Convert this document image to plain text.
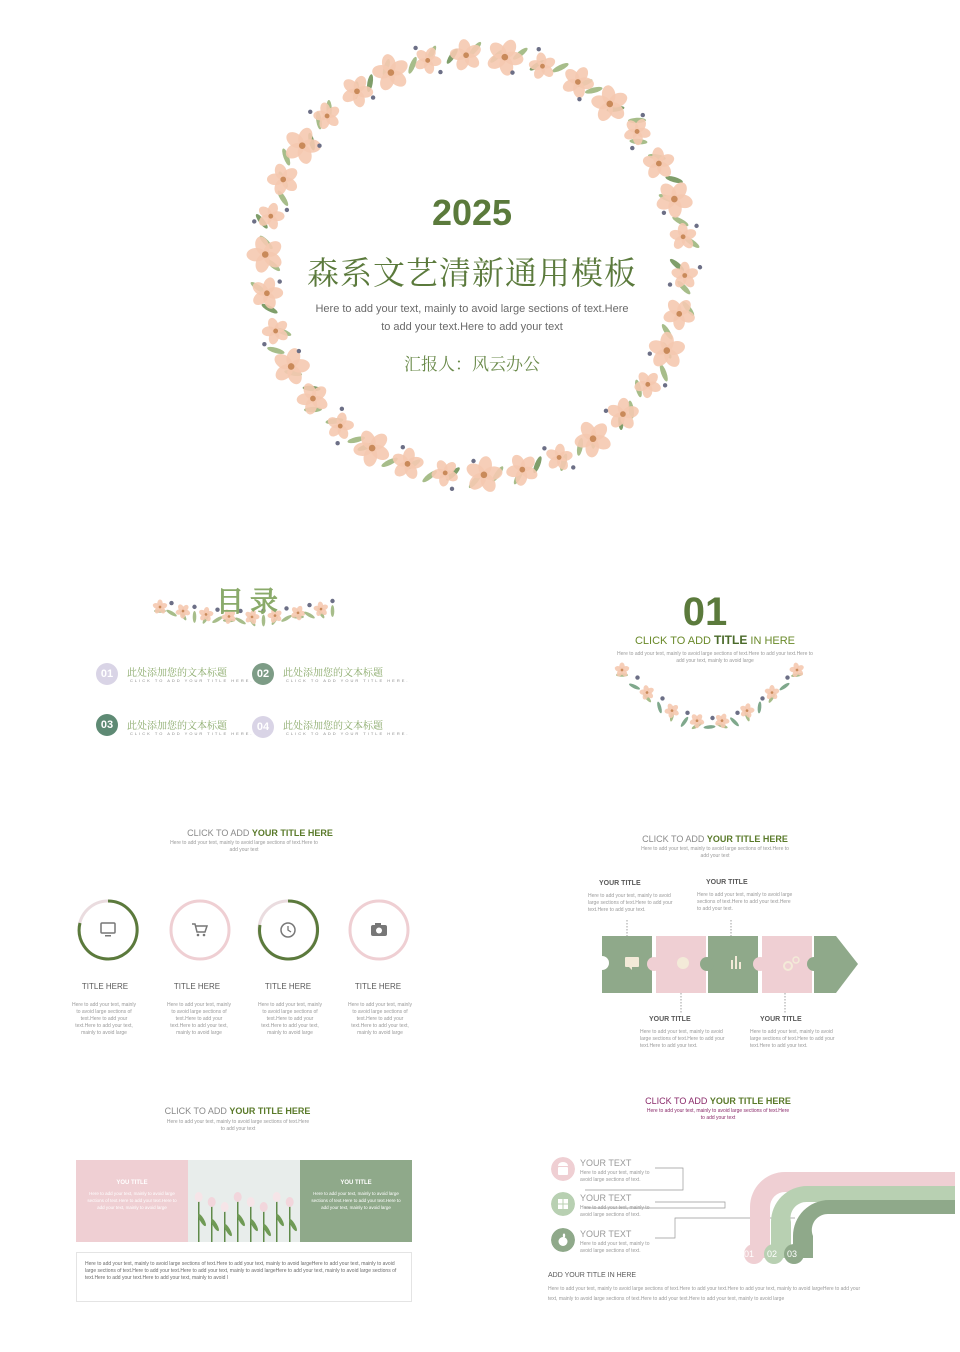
2025
森系文艺清新通用模板
Here to add your text, mainly to avoid large sections of text.Here
to add your text.Here to add your text
汇报人：风云办公
目录
01	此处添加您的文本标题
CLICK TO ADD YOUR TITLE HERE.
02	此处添加您的文本标题
CLICK TO ADD YOUR TITLE HERE.
03	此处添加您的文本标题
CLICK TO ADD YOUR TITLE HERE.
04	此处添加您的文本标题
CLICK TO ADD YOUR TITLE HERE.
01
CLICK TO ADD TITLE IN HERE
Here to add your text, mainly to avoid large sections of text.Here to add your text.Here to add your text, mainly to avoid large
CLICK TO ADD YOUR TITLE HERE
Here to add your text, mainly to avoid large sections of text.Here to add your text
TITLE HERE	TITLE HERE	TITLE HERE	TITLE HERE
Here to add your text, mainly to avoid large sections of text.Here to add your text.Here to add your text, mainly to avoid large
Here to add your text, mainly to avoid large sections of text.Here to add your text.Here to add your text, mainly to avoid large
Here to add your text, mainly to avoid large sections of text.Here to add your text.Here to add your text, mainly to avoid large
Here to add your text, mainly to avoid large sections of text.Here to add your text.Here to add your text, mainly to avoid large
CLICK TO ADD YOUR TITLE HERE
Here to add your text, mainly to avoid large sections of text.Here to add your text
YOUR TITLE
Here to add your text, mainly to avoid large sections of text.Here to add your text.Here to add your text.
YOUR TITLE
Here to add your text, mainly to avoid large sections of text.Here to add your text.Here to add your text.
YOUR TITLE
Here to add your text, mainly to avoid large sections of text.Here to add your text.Here to add your text.
YOUR TITLE
Here to add your text, mainly to avoid large sections of text.Here to add your text.Here to add your text.
CLICK TO ADD YOUR TITLE HERE
Here to add your text, mainly to avoid large sections of text.Here to add your text
YOU TITLE
Here to add your text, mainly to avoid large sections of text.Here to add your text.Here to add your text, mainly to avoid large
YOU TITLE
Here to add your text, mainly to avoid large sections of text.Here to add your text.Here to add your text, mainly to avoid large
Here to add your text, mainly to avoid large sections of text.Here to add your text, mainly to avoid largeHere to add your text, mainly to avoid large sections of text.Here to add your text.Here to add your text, mainly to avoid largeHere to add your text, mainly to avoid large sections of text.Here to add your text.Here to add your text, mainly to avoid l
CLICK TO ADD YOUR TITLE HERE
Here to add your text, mainly to avoid large sections of text.Here to add your text
01 02 03
YOUR TEXT
Here to add your text, mainly to avoid large sections of text.
YOUR TEXT
Here to add your text, mainly to avoid large sections of text.
YOUR TEXT
Here to add your text, mainly to avoid large sections of text.
ADD YOUR TITLE IN HERE
Here to add your text, mainly to avoid large sections of text.Here to add your text.Here to add your text, mainly to avoid largeHere to add your text, mainly to avoid large sections of text.Here to add your text.Here to add your text, mainly to avoid large
